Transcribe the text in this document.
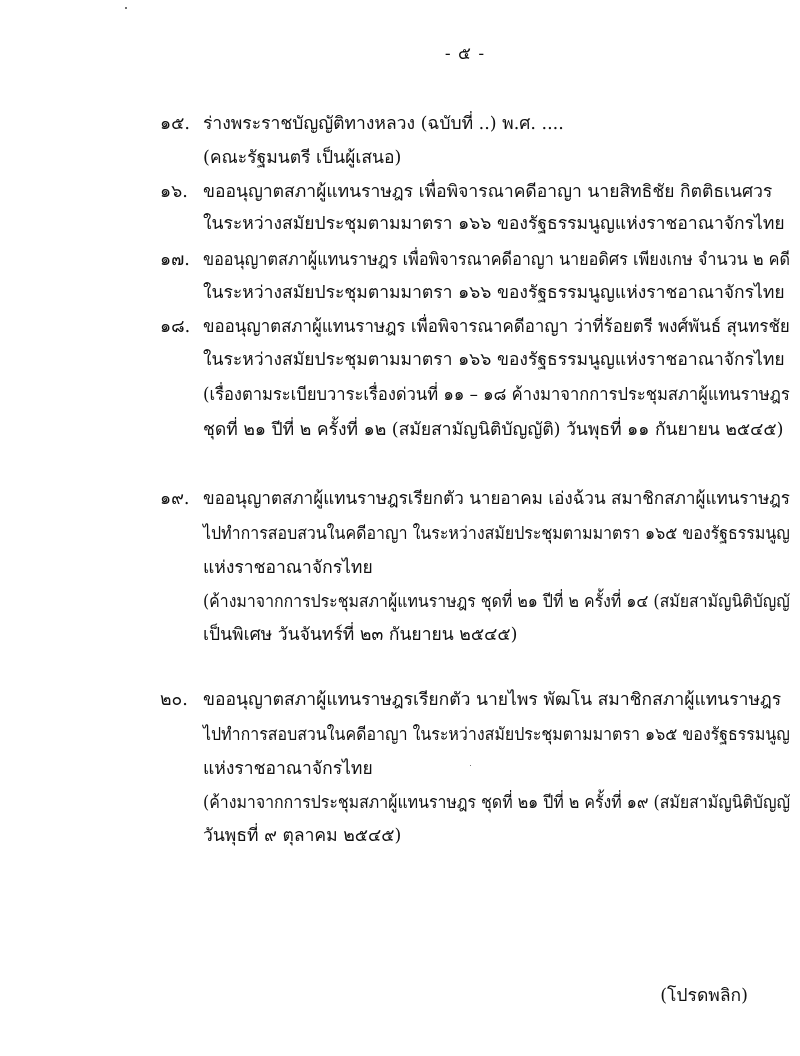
- ๕ -
๑๕. ร่างพระราชบัญญัติทางหลวง (ฉบับที่ ..) พ.ศ. ....
(คณะรัฐมนตรี เป็นผู้เสนอ)
๑๖. ขออนุญาตสภาผู้แทนราษฎร เพื่อพิจารณาคดีอาญา นายสิทธิชัย กิตติธเนศวร
ในระหว่างสมัยประชุมตามมาตรา ๑๖๖ ของรัฐธรรมนูญแห่งราชอาณาจักรไทย
๑๗. ขออนุญาตสภาผู้แทนราษฎร เพื่อพิจารณาคดีอาญา นายอดิศร เพียงเกษ จำนวน ๒ คดี
ในระหว่างสมัยประชุมตามมาตรา ๑๖๖ ของรัฐธรรมนูญแห่งราชอาณาจักรไทย
๑๘. ขออนุญาตสภาผู้แทนราษฎร เพื่อพิจารณาคดีอาญา ว่าที่ร้อยตรี พงศ์พันธ์ สุนทรชัย
ในระหว่างสมัยประชุมตามมาตรา ๑๖๖ ของรัฐธรรมนูญแห่งราชอาณาจักรไทย
(เรื่องตามระเบียบวาระเรื่องด่วนที่ ๑๑ – ๑๘ ค้างมาจากการประชุมสภาผู้แทนราษฎร
ชุดที่ ๒๑ ปีที่ ๒ ครั้งที่ ๑๒ (สมัยสามัญนิติบัญญัติ) วันพุธที่ ๑๑ กันยายน ๒๕๔๕)
๑๙. ขออนุญาตสภาผู้แทนราษฎรเรียกตัว นายอาคม เอ่งฉ้วน สมาชิกสภาผู้แทนราษฎร
ไปทำการสอบสวนในคดีอาญา ในระหว่างสมัยประชุมตามมาตรา ๑๖๕ ของรัฐธรรมนูญ
แห่งราชอาณาจักรไทย
(ค้างมาจากการประชุมสภาผู้แทนราษฎร ชุดที่ ๒๑ ปีที่ ๒ ครั้งที่ ๑๔ (สมัยสามัญนิติบัญญั
เป็นพิเศษ วันจันทร์ที่ ๒๓ กันยายน ๒๕๔๕)
๒๐. ขออนุญาตสภาผู้แทนราษฎรเรียกตัว นายไพร พัฒโน สมาชิกสภาผู้แทนราษฎร
ไปทำการสอบสวนในคดีอาญา ในระหว่างสมัยประชุมตามมาตรา ๑๖๕ ของรัฐธรรมนูญ
แห่งราชอาณาจักรไทย
(ค้างมาจากการประชุมสภาผู้แทนราษฎร ชุดที่ ๒๑ ปีที่ ๒ ครั้งที่ ๑๙ (สมัยสามัญนิติบัญญั
วันพุธที่ ๙ ตุลาคม ๒๕๔๕)
(โปรดพลิก)
